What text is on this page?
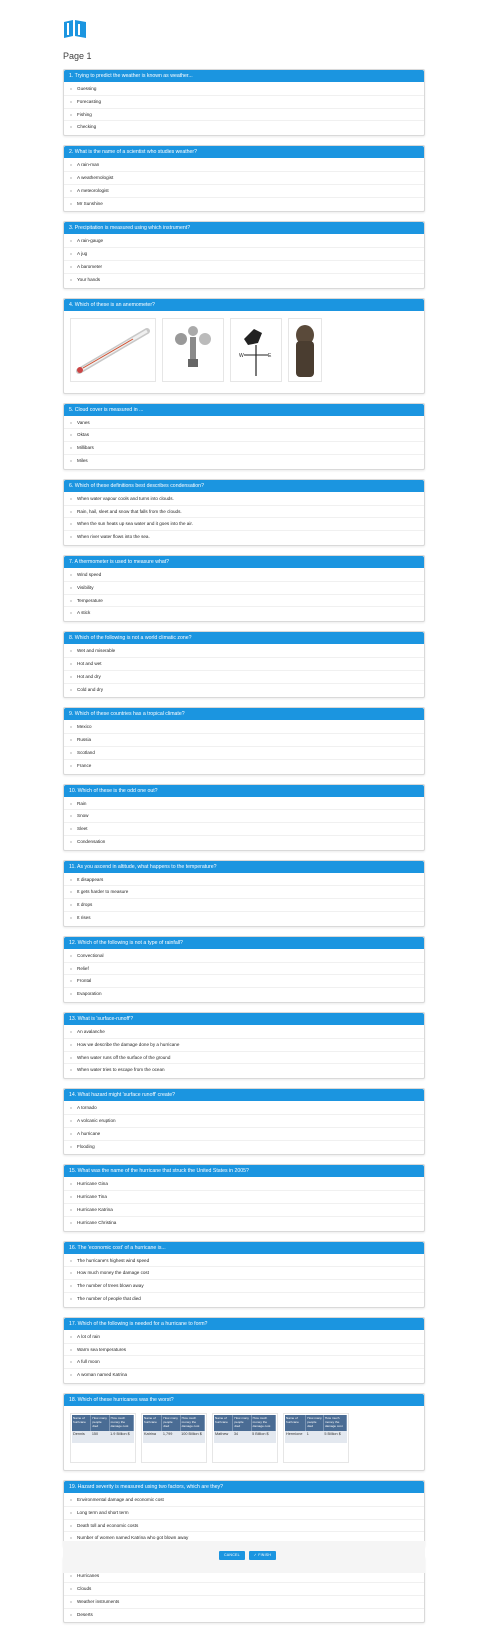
Page 1
1. Trying to predict the weather is known as weather...
Guessing
Forecasting
Fishing
Checking
2. What is the name of a scientist who studies weather?
A rain-man
A weathernologist
A meteorologist
Mr Sunshine
3. Precipitation is measured using which instrument?
A rain-gauge
A jug
A barometer
Your hands
4. Which of these is an anemometer?
W	E
5. Cloud cover is measured in ...
Vanes
Oktas
Millibars
Miles
6. Which of these definitions best describes condensation?
When water vapour cools and turns into clouds.
Rain, hail, sleet and snow that falls from the clouds.
When the sun heats up sea water and it goes into the air.
When river water flows into the sea.
7. A thermometer is used to measure what?
Wind speed
Visibility
Temperature
A stick
8. Which of the following is not a world climatic zone?
Wet and miserable
Hot and wet
Hot and dry
Cold and dry
9. Which of these countries has a tropical climate?
Mexico
Russia
Scotland
France
10. Which of these is the odd one out?
Rain
Snow
Sleet
Condensation
11. As you ascend in altitude, what happens to the temperature?
It disappears
It gets harder to measure
It drops
It rises
12. Which of the following is not a type of rainfall?
Convectional
Relief
Frontal
Evaporation
13. What is 'surface-runoff'?
An avalanche
How we describe the damage done by a hurricane
When water runs off the surface of the ground
When water tries to escape from the ocean
14. What hazard might 'surface runoff' create?
A tornado
A volcanic eruption
A hurricane
Flooding
15. What was the name of the hurricane that struck the United States in 2005?
Hurricane Gina
Hurricane Tina
Hurricane Katrina
Hurricane Christina
16. The 'economic cost' of a hurricane is...
The hurricane's highest wind speed
How much money the damage cost
The number of trees blown away
The number of people that died
17. Which of the following is needed for a hurricane to form?
A lot of rain
Warm sea temperatures
A full moon
A woman named Katrina
18. Which of these hurricanes was the worst?
Name of hurricane	How many people died	How much money the damage cost
Dennis	150	1.9 Billion $
Name of hurricane	How many people died	How much money the damage cost
Katrina	1,799	100 Billion $
Name of hurricane	How many people died	How much money the damage cost
Mathew	34	5 Billion $
Name of hurricane	How many people died	How much money the damage cost
Hermione	1	5 Billion $
19. Hazard severity is measured using two factors, which are they?
Environmental damage and economic cost
Long term and short term
Death toll and economic costs
Number of women named Katrina who got blown away
Hurricanes
Clouds
Weather instruments
Deserts
CANCEL	✓ FINISH
